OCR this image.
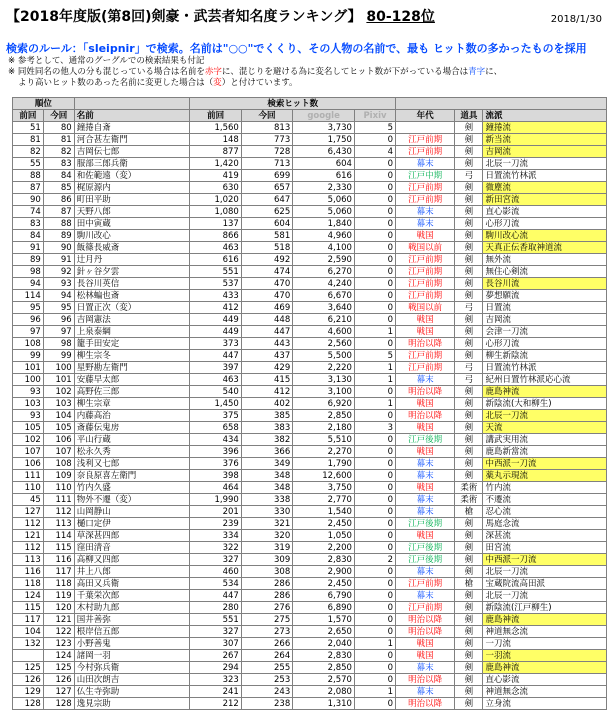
【2018年度版(第8回)剣豪・武芸者知名度ランキング】 80-128位	2018/1/30
検索のルール：「sleipnir」で検索。名前は"○○"でくくり、その人物の名前で、最も ヒット数の多かったものを採用
※ 参考として、通常のグーグルでの検索結果も付記
※ 同姓同名の他人の分も混じっている場合は名前を赤字に、混じりを避ける為に変名してヒット数が下がっている場合は青字に、
より高いヒット数のあった名前に変更した場合は（変）と付けています。
順位			検索ヒット数						
前回	今回	名前	前回	今回	google	Pixiv	年代	道具	流派
51	80	鐘捲自斎	1,560	813	3,730	5		剣	鐘捲流
81	81	河合甚左衛門	148	773	1,750	0	江戸前期	剣	新当流
82	82	吉岡伝七郎	877	728	6,430	4	江戸前期	剣	吉岡流
55	83	服部三郎兵衛	1,420	713	604	0	幕末	剣	北辰一刀流
88	84	和佐範遠（変）	419	699	616	0	江戸中期	弓	日置流竹林派
87	85	梶原源内	630	657	2,330	0	江戸前期	剣	微塵流
90	86	町田平助	1,020	647	5,060	0	江戸前期	剣	新田宮流
74	87	天野八郎	1,080	625	5,060	0	幕末	剣	直心影流
83	88	田中寅蔵	137	604	1,840	0	幕末	剣	心形刀流
84	89	駒川改心	866	581	4,960	0	戦国	剣	駒川改心流
91	90	飯篠長威斎	463	518	4,100	0	戦国以前	剣	天真正伝香取神道流
89	91	辻月丹	616	492	2,590	0	江戸前期	剣	無外流
98	92	針ヶ谷夕雲	551	474	6,270	0	江戸前期	剣	無住心剣流
94	93	長谷川英信	537	470	4,240	0	江戸前期	剣	長谷川流
114	94	松林蝙也斎	433	470	6,670	0	江戸前期	剣	夢想願流
95	95	日置正次（変）	412	469	3,640	0	戦国以前	弓	日置流
96	96	吉岡憲法	449	448	6,210	0	戦国	剣	吉岡流
97	97	上泉泰綱	449	447	4,600	1	戦国	剣	会津一刀流
108	98	籠手田安定	373	443	2,560	0	明治以降	剣	心形刀流
99	99	柳生宗冬	447	437	5,500	5	江戸前期	剣	柳生新陰流
101	100	星野勘左衛門	397	429	2,220	1	江戸前期	弓	日置流竹林派
100	101	安藤早太郎	463	415	3,130	1	幕末	弓	紀州日置竹林派応心流
93	102	高野佐三郎	540	412	3,100	0	明治以降	剣	鹿島神流
103	103	柳生宗章	1,450	402	6,920	1	戦国	剣	新陰流(大和柳生)
93	104	内藤高治	375	385	2,850	0	明治以降	剣	北辰一刀流
105	105	斎藤伝鬼房	658	383	2,180	3	戦国	剣	天流
102	106	平山行蔵	434	382	5,510	0	江戸後期	剣	講武実用流
107	107	松永久秀	396	366	2,270	0	戦国	剣	鹿島新當流
106	108	浅利又七郎	376	349	1,790	0	幕末	剣	中西派一刀流
111	109	奈良原喜左衛門	398	348	12,600	0	幕末	剣	薬丸示現流
110	110	竹内久盛	464	348	3,750	0	戦国	柔術	竹内流
45	111	物外不遷（変）	1,990	338	2,770	0	幕末	柔術	不遷流
127	112	山岡静山	201	330	1,540	0	幕末	槍	忍心流
112	113	樋口定伊	239	321	2,450	0	江戸後期	剣	馬庭念流
121	114	草深甚四郎	334	320	1,050	0	戦国	剣	深甚流
112	115	窪田清音	322	319	2,200	0	江戸後期	剣	田宮流
113	116	高柳又四郎	327	309	2,830	2	江戸後期	剣	中西派一刀流
116	117	井上八郎	460	308	2,900	0	幕末	剣	北辰一刀流
118	118	高田又兵衛	534	286	2,450	0	江戸前期	槍	宝蔵院流高田派
124	119	千葉栄次郎	447	286	6,790	0	幕末	剣	北辰一刀流
115	120	木村助九郎	280	276	6,890	0	江戸前期	剣	新陰流(江戸柳生)
117	121	国井善弥	551	275	1,570	0	明治以降	剣	鹿島神流
104	122	根岸信五郎	327	273	2,650	0	明治以降	剣	神道無念流
132	123	小野善鬼	307	266	2,040	1	戦国	剣	一刀流
	124	諸岡一羽	267	264	2,830	0	戦国	剣	一羽流
125	125	今村弥兵衛	294	255	2,850	0	幕末	剣	鹿島神流
126	126	山田次朗吉	323	253	2,570	0	明治以降	剣	直心影流
129	127	仏生寺弥助	241	243	2,080	1	幕末	剣	神道無念流
128	128	逸見宗助	212	238	1,310	0	明治以降	剣	立身流
